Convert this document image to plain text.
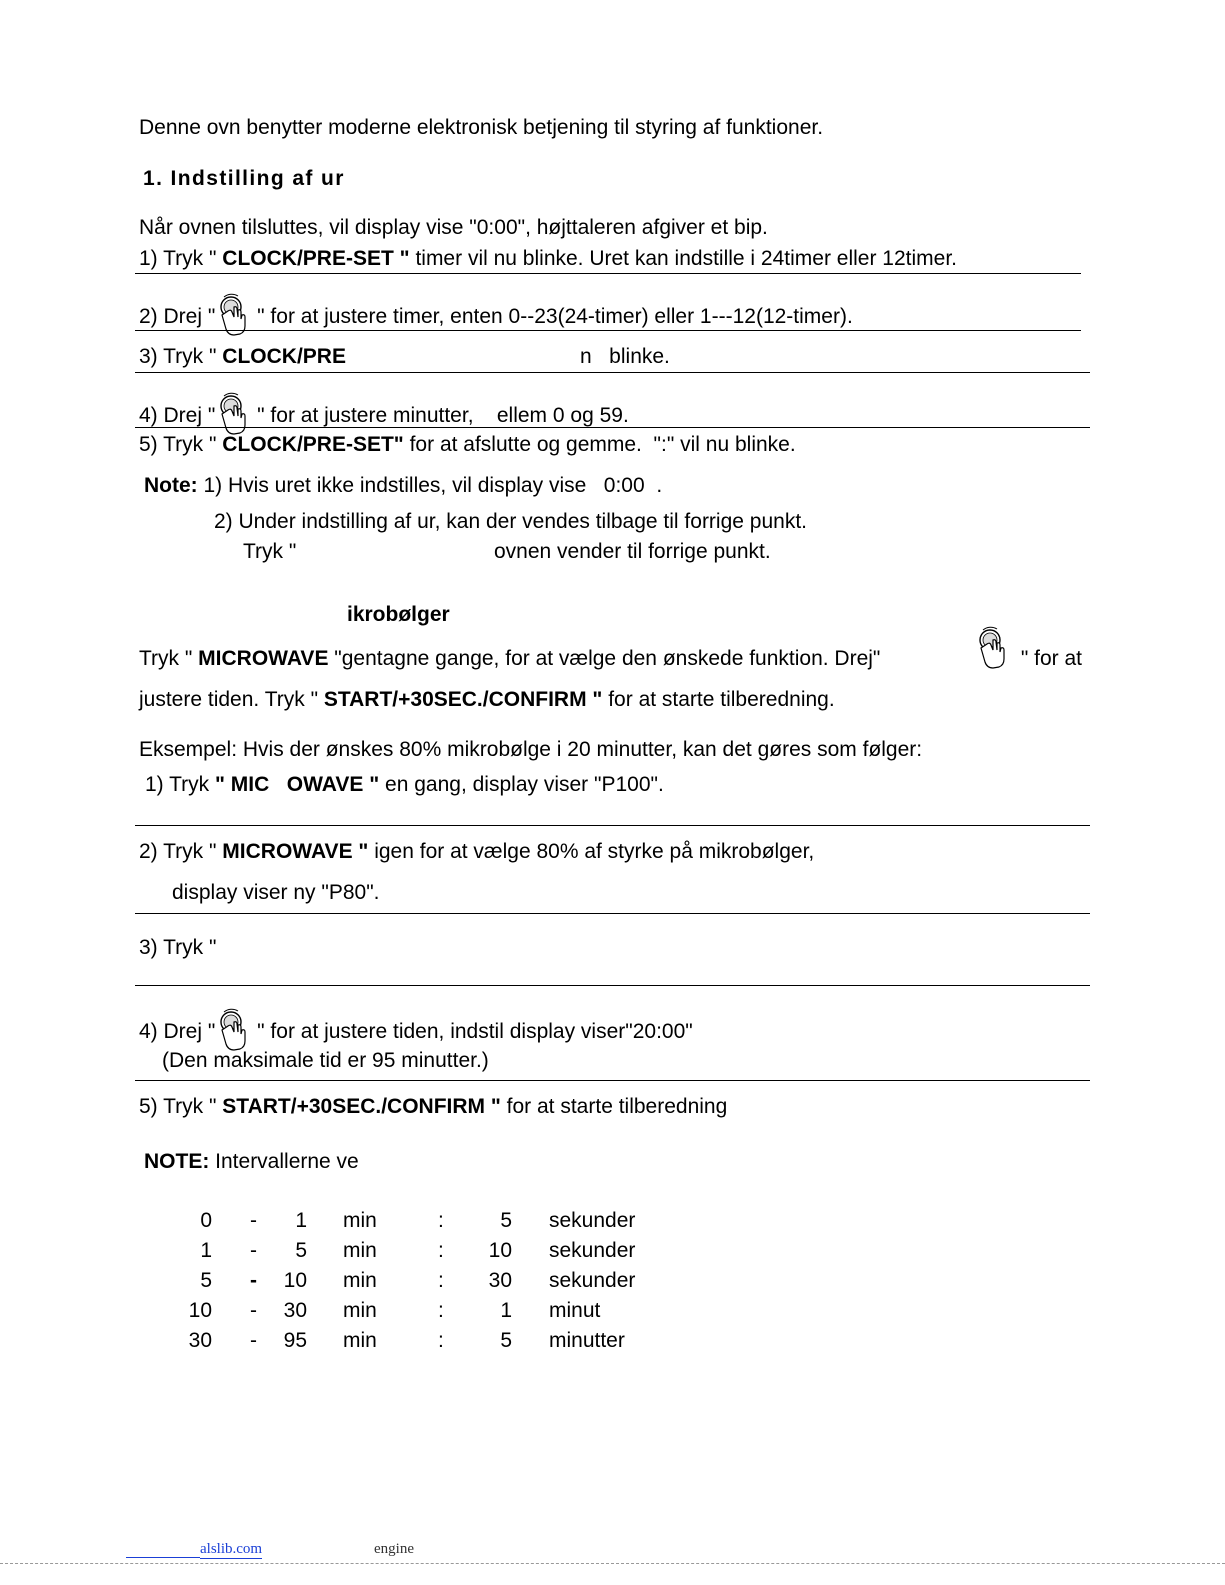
Denne ovn benytter moderne elektronisk betjening til styring af funktioner.
1. Indstilling af ur
Når ovnen tilsluttes, vil display vise "0:00", højttaleren afgiver et bip.
1) Tryk " CLOCK/PRE-SET " timer vil nu blinke. Uret kan indstille i 24timer eller 12timer.
2) Drej "
" for at justere timer, enten 0--23(24-timer) eller 1---12(12-timer).
3) Tryk " CLOCK/PRE	n   blinke.
4) Drej "
" for at justere minutter,    ellem 0 og 59.
5) Tryk " CLOCK/PRE-SET" for at afslutte og gemme.  ":" vil nu blinke.
Note: 1) Hvis uret ikke indstilles, vil display vise   0:00  .
2) Under indstilling af ur, kan der vendes tilbage til forrige punkt.
Tryk "	ovnen vender til forrige punkt.
ikrobølger
Tryk " MICROWAVE "gentagne gange, for at vælge den ønskede funktion. Drej"	" for at
justere tiden. Tryk " START/+30SEC./CONFIRM " for at starte tilberedning.
Eksempel: Hvis der ønskes 80% mikrobølge i 20 minutter, kan det gøres som følger:
1) Tryk " MIC   OWAVE " en gang, display viser "P100".
2) Tryk " MICROWAVE " igen for at vælge 80% af styrke på mikrobølger,
display viser ny "P80".
3) Tryk "
4) Drej "
" for at justere tiden, indstil display viser"20:00"
(Den maksimale tid er 95 minutter.)
5) Tryk " START/+30SEC./CONFIRM " for at starte tilberedning
NOTE: Intervallerne ve
0 - 1 min	:	5 sekunder
1 - 5 min	: 10 sekunder
5 - 10 min	: 30 sekunder
10 - 30 min	:	1 minut
30 - 95 min	:	5 minutter
alslib.com	engine
